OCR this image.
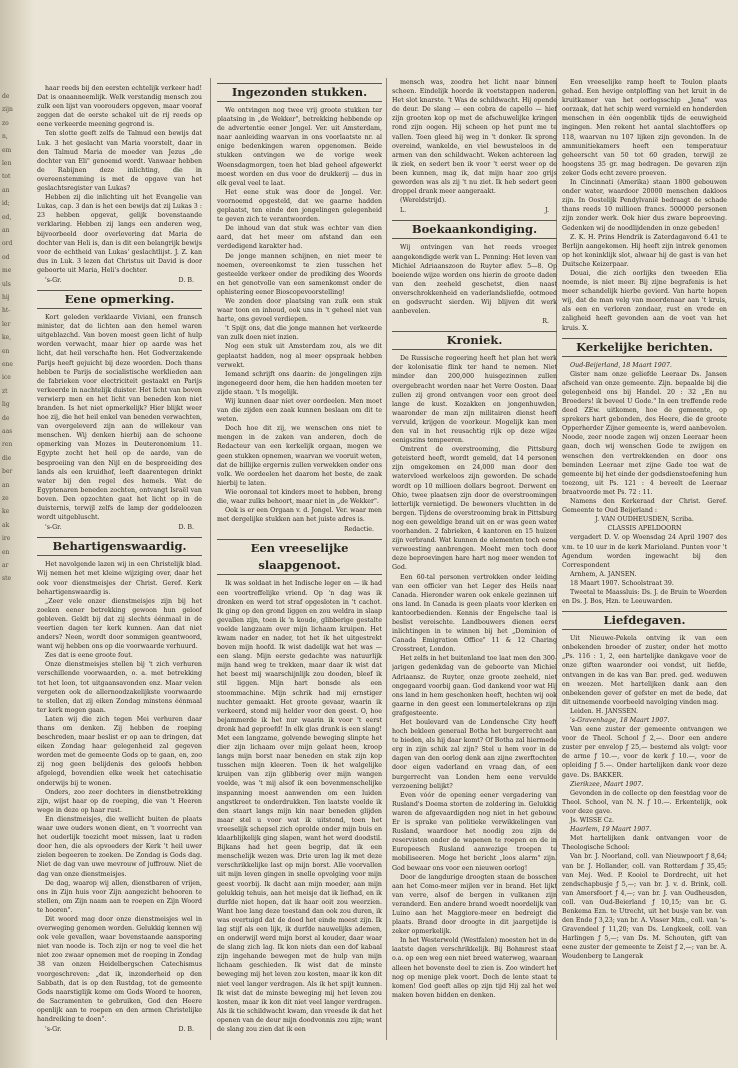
de
zijn
zo
n,
em
len
tot
an
id;
ed,
an
ord
od
me
uls
hij
ht-
ler
ke,
en
ene
ice
zt
lig
de
aas
ren
die
ber
an
ze
ke
ak
ire
en
ar
ste

haar reeds bij den eersten echtelijk verkeer had! Dat is onaanneemlijk. Welk verstandig mensch zou zulk een lijst van voorouders opgeven, maar vooraf zeggen dat de eerste schakel uit de rij reeds op eene verkeerde meening gegrond is.

Ten slotte geeft zelfs de Talmud een bewijs dat Luk. 3 het geslacht van Maria voorstelt, daar in den Talmud Maria de moeder van Jezus „de dochter van Eli" genoemd wordt. Vanwaar hebben de Rabijnen deze inlichting, die in overeenstemming is met de opgave van het geslachtsregister van Lukas?

Hebben zij die inlichting uit het Evangelie van Lukas, cap. 3 dan is het een bewijs dat zij Lukas 3 : 23 hebben opgevat, gelijk bovenstaande verklaring. Hebben zij langs een anderen weg, bijvoorbeeld door overlevering dat Maria de dochter van Heli is, dan is dit een belangrijk bewijs voor de echtheid van Lukas' geslachtlijst. J. Z. kan dus in Luk. 3 lezen dat Christus uit David is door geboorte uit Maria, Heli's dochter.

's-Gr.	D. B.
Eene opmerking.

Kort geleden verklaarde Viviani, een fransch minister, dat de lichten aan den hemel waren uitgeblazchd. Van boven moest geen licht of hulp worden verwacht, maar hier op aarde was het licht, dat heil verschafte hen. Het Godverzakende Parijs heeft gejuicht bij deze woorden. Doch thans hebben te Parijs de socialistische werklieden aan de fabrieken voor electriciteit gestaakt en Parijs verkeerde in nachtelijk duister. Het licht van boven verwierp men en het licht van beneden kon niet branden. Is het niet opmerkelijk? Hier blijkt weer hoe zij, die het heil enkel van beneden verwachten, van overgeleverd zijn aan de willekeur van menschen. Wij denken hierbij aan de schoone opmerking van Mozes in Deuteronomium 11. Egypte zocht het heil op de aarde, van de besproeiing van den Nijl en de bespreeiding des lands als een kruidhof, leeft daarentegen drinkt water bij den regel des hemels. Wat de Egyptenaren beneden zochten, ontvangt Israël van boven. Den opzochten gaat het licht op in de duisternis, terwijl zelfs de lamp der goddeloozen wordt uitgebluscht.

's-Gr.	D. B.
Behartigenswaardig.

Het navolgende lazen wij in een Christelijk blad. Wij nemen het met kleine wijziging over, daar het ook voor dienstmeisjes der Christ. Geref. Kerk behartigenswaardig is.

„Zeer vele onzer dienstmeisjes zijn bij het zoeken eener betrekking gewoon hun geloof gebleven. Geldt bij dat zij slechts éénmaal in de veertien dagen ter kerk kunnen. Aan dat niet anders? Neen, wordt door sommigen geantwoord, want wij hebben ons op die voorwaarde verhuurd.

Zes dat is eene groote fout.

Onze dienstmeisjes stellen bij 't zich verhuren verschillende voorwaarden, o. a. met betrekking tot het loon, tot uitgaansavonden enz. Maar velen vergeten ook de allernoodzakelijkste voorwaarde te stellen, dat zij eiken Zondag minstens éénmaal ter kerk mogen gaan.

Laten wij die zich tegen Mei verhuren daar thans om denken. Zij hebben de roeping beschreden, maar beslist er op aan te dringen, dat eiken Zondag haar gelegenheid zal gegeven worden met de gemeente Gods op te gaan, en, zoo zij nog geen belijdenis des geloofs hebben afgelegd, bovendien elke week het catechisatie onderwijs bij te wonen.

Onders, zoo zeer dochters in dienstbetrekking zijn, wijst haar op de roeping, die van 't Heeren wege in deze op haar rust.

En dienstmeisjes, die wellicht buiten de plaats waar uwe ouders wonen dient, en 't voorrecht van het ouderlijk toezicht moet missen, laat u raden door hen, die als opvoeders der Kerk 't heil uwer zielen begeeren te zoeken. De Zondag is Gods dag. Niet de dag van uwe mevrouw of juffrouw. Niet de dag van onze dienstmeisjes.

De dag, waarop wij allen, dienstbaren of vrijen, ons in Zijn huis voor Zijn aangezicht behooren te stellen, om Zijn naam aan te roepen en Zijn Woord te hooren".

Dit woord mag door onze dienstmeisjes wel in overweging genomen worden. Gelukkig kennen wij ook vele gevallen, waar bovenstaande aansporing niet van noode is. Toch zijn er nog te veel die het niet zoo zwaar opnemen met de roeping in Zondag 38 van onzen Heidelbergschen Catechismus voorgeschreven: „dat ik, inzonderheid op den Sabbath, dat is op den Rustdag, tot de gemeente Gods naarstiglijk kome om Gods Woord te hooren, de Sacramenten te gebruiken, God den Heere openlijk aan te roepen en den armen Christelijke handreiking te doen".

's-Gr.	D. B.
Ingezonden stukken.

We ontvingen nog twee vrij groote stukken ter plaatsing in „de Wekker", betrekking hebbende op de advertentie eener Jongel. Ver. uit Amsterdam, naar aanleiding waarvan in ons voorlaatste nr. al enige bedenkingen waren opgenomen. Beide stukken ontvingen we de vorige week Woensdagmorgen, toen het blad geheel afgewerkt moest worden en dus voor de drukkerij — dus in elk geval veel te laat.

Het eene stuk was door de Jongel. Ver. voornoemd opgesteld, dat we gaarne hadden geplaatst, ten einde den jongelingen gelegenheid te geven zich te verantwoorden.

De inhoud van dat stuk was echter van dien aard, dat het meer om afstand dan een verdedigend karakter had.

De jonge mannen schijnen, en niet meer te noemen, overeenkomst te zien tusschen het gesteelde verkeer onder de prediking des Woords en het genotvolle van een samenkomst onder de ophistering eener Bioscopevoorstelling!

We zonden door plaatsing van zulk een stuk waar toon en inhoud, ook uns in 't geheel niet van harte, ons gevoel verdiepen.

't Spijt ons, dat die jonge mannen het verkeerde van zulk doen niet inzien.

Nog een stuk uit Amsterdam zou, als we dit geplaatst hadden, nog al meer opspraak hebben verwekt.

Iemand schrijft ons daarin: de jongelingen zijn ingenegeerd door hem, die hen hadden moeten ter zijde staan. 't Is mogelijk.

Wij kunnen daar niet over oordeelen. Men moet van die zijden een zaak kunnen beslaan om dit te weten.

Doch hoe dit zij, we wenschen ons niet te mengen in de zaken van anderen, doch de Redacteur van een kerkelijk orgaan, mogen we geen stukken opnemen, waarvan we vooruit weten, dat de billijke ergernis zullen verwekken onder ons volk. We oordeelen het daarom het beste, de zaak hierbij te laten.

Wie ooronaal tot kinders moet te hebben, breng die, waar zulks behoort, maar niet in „de Wekker".

Ook is er een Orgaan v. d. Jongel. Ver. waar men met dergelijke stukken aan het juiste adres is.

Redactie.
Een vreeselijke slaapgenoot.

Ik was soldaat in het Indische leger en — ik had een voortreffelijke vriend. Op 'n dag was ik dronken en werd tot straf opgesloten in 't cachot. Ik ging op den grond liggen en zou weldra in slaap gevallen zijn, toen ik 'n koude, glibberige gestalte voelde langzaam over mijn lichaam kruipen. Het kwam nader en nader, tot het ik het uitgestrekt boven mijn hoofd. Ik wist dadelijk wat het was — een slang. Mijn eerste gedachte was natuurlijk mijn hand weg te trekken, maar daar ik wist dat het beest mij waarschijnlijk zou dooden, bleef ik stil liggen. Mijn hart bonsde als een stoommachine. Mijn schrik had mij ernstiger nuchter gemaakt. Het groote gevaar, waarin ik verkeerd, stond mij helder voor den geest. O, hoe bejammerde ik het nur waarin ik voor 't eerst dronk had geproefd! In elk glas drank is een slang! Met een langzame, golvende beweging slinpte het dier zijn lichaam over mijn gelaat heen, kroop langs mijn borst naar beneden en stak zijn kop tusschen mijn kleeren. Toen ik het walgelijke kruipen van zijn glibberig over mijn wangen voelde, was 't mij alsof ik een bovenmenschelijke inspanning moest aanwenden om een luiden angstkreet te onderdrukken. Ten laatste voelde ik den staart langs mijn kin naar beneden glijden maar stel u voor wat ik uitstond, toen het vreeselijk schepsel zich oprolde onder mijn buis en klaarblijkelijk ging slapen, want het werd doodstil. Bijkans had het geen begrip, dat ik een menschelijk wezen was. Drie uren lag ik met deze verschrikkelijke last op mijn borst. Alle voorvallen uit mijn leven gingen in snelle opvolging voor mijn geest voorbij. Ik dacht aan mijn moeder, aan mijn gelukkig tehuis, aan het meisje dat ik liefhad, en ik durfde niet hopen, dat ik haar ooit zou weerzien. Want hoe lang deze toestand dan ook zou duren, ik was overtuigd dat de dood het einde moest zijn. Ik lag stijf als een lijk, ik durfde nauwelijks ademen, en onderwijl werd mijn borst al kouder, daar waar de slang zich lag. Ik kon niets dan een dof kabaal zijn ingehande bewegen met de hulp van mijn lichaam geschieden. Ik wist dat de minste beweging mij het leven zou kosten, maar ik kon dit niet veel langer verdragen. Als ik het spijt kunnen. Ik wist dat de minste beweging mij het leven zou kosten, maar ik kon dit niet veel langer verdragen. Als ik tie schildwacht kwam, dan vreesde ik dat het openen van de deur mijn doodvonnis zou zijn; want de slang zou zien dat ik een

mensch was, zoodra het licht naar binnen scheen. Eindelijk hoorde ik voetstappen naderen. Het slot knarste. 't Was de schildwacht. Hij opende de deur. De slang — een cobra de capello — hief zijn grooten kop op met de afschuwelijke kringen rond zijn oogen. Hij scheen op het punt me te vallen. Toen gleed hij weg in 't donker. Ik sprong overeind, wankelde, en viel bewusteloos in de armen van den schildwacht. Weken achtereen lag ik ziek, en sedert ben ik voor 't eerst weer op de been kunnen, mag ik, dat mijn haar zoo grijs geworden was als zij 't nu ziet. Ik heb sedert geen droppel drank meer aangeraakt.

(Wereldstrijd).

L.	J.
Boekaankondiging.

Wij ontvingen van het reeds vroeger aangekondigde werk van L. Penning: Het leven van Michiel Adriaanszoon de Ruyter aflev. 5—8. Op boeiende wijze worden ons hierin de groote daden van den zeeheld geschetst, dien naast onverschrokkenheid en vaderlandsliefde, ootmoed en godsvrucht sierden. Wij blijven dit werk aanbevelen.

R.
Kroniek.

De Russische regeering heeft het plan het werk der kolonisatie flink ter hand te nemen. Niet minder dan 200,000 huisgezinnen zullen overgebracht worden naar het Verre Oosten. Daar zullen zij grond ontvangen voor een groot deel lange de kust. Kozakken en jongenhuwden, waaronder de man zijn militairen dienst heeft vervuld, krijgen de voorkeur. Mogelijk kan men den val in het reusachtig rijk op deze wijze eenigszins tempeeren.

Omtrent de overstrooming, die Pittsburg geteisterd heeft, wordt gemeld, dat 14 personen zijn omgekomen en 24,000 man door den watervloed werkeloos zijn geworden. De schade wordt op 10 millioen dollars begroot. Derwent en Ohio, twee plaatsen zijn door de overstroomingen letterlijk vernietigd. De bewoners vluchtten in de bergen. Tijdens de overstrooming brak in Pittsburg nog een geweldige brand uit en er was geen water voorhanden. 2 fabrieken, 4 kantoren en 15 huizen zijn verbrand. Wat kunnen de elementen toch eene verwoesting aanbrengen. Moeht men toch door deze beproevingen hare hart nog meer wenden tot God.

Een 60-tal personen vertrokken onder leiding van een officier van het Leger des Heils naar Canada. Hieronder waren ook enkele gezinnen uit ons land. In Canada is geen plaats voor klerken en kantoorbedienden. Kennis der Engelsche taal is beslist vereischte. Landbouwers dienen eerst inlichtingen in te winnen bij het „Dominion of Canada Emigration Office" 11 & 12 Charing Crosstreet, London.

Het zelfs in het buitenland toe laat men den 300-jarigen gedenkdag van de geboorte van Michiel Adriaansz. de Ruyter, onze groote zeeheld, niet ongegaard voorbij gaan. God dankend voor wat Hij ons land in hem geschonken heeft, hechten wij ook gaarne in den geest een lommertelekrans op zijn grafgesteente.

Het boulevard van de Londensche City heeft hoch bekleen generaal Botha het burgerrecht aan te bieden, als hij daar komt? Of Botha zal hiermede erg in zijn schik zal zijn? Stel u hem voor in de dagen van den oorlog denk aan zijne zwerftochten door eigen vaderland en vraag dan, of een burgerrecht van Londen hem eene vervulde verzoening belijkt?

Even vóór de opening eener vergadering van Rusland's Doema storten de zoldering in. Gelukkig waren de afgevaardigden nog niet in het gebouw. Er is sprake van politieke verwikkelingen van Rusland, waardoor het noodig zou zijn de reservisten onder de wapenen te roepen en de in Europeesch Rusland aanwezige troepen te mobiliseeren. Moge het bericht „loos alarm" zijn. God bewaar ons voor een nieuwen oorlog!

Door de langdurige droogten staan de bosschen aan het Como-meer mijlen ver in brand. Het lijkt van verre, alsof de bergen in vulkanen zijn veranderd. Een andere brand woedt noordelijk van Luino aan het Maggiore-meer en bedreigt die plaats. Brand door droogte in dit jaargetijde is zeker opmerkelijk.

In het Westerwold (Westfalen) moesten het in de laatste dagen verschrikkelijk. Bij Bohmrest staat o.a. op een weg een niet breed waterweg, waaraan alleen het bovenste deel te zien is. Zoo windert het nog op menige plek voort. Doch de lente staat te komen! God geeft alles op zijn tijd Hij zal het wel maken boven bidden en denken.

Een vreeselijke ramp heeft te Toulon plaats gehad. Een hevige ontploffing van het kruit in de kruitkamer van het oorlogsschip „Jena" was oorzaak, dat het schip werd vernield en honderden menschen in één oogenblik tijds de eeuwigheid ingingen. Men rekent het aantal slachtoffers op 118, waarvan nu 107 lijken zijn gevonden. In de ammunitiekamers heeft een temperatuur geheerscht van 50 tot 60 graden, terwijl ze hoogstens 35 gr. mag bedragen. De gevaren zijn zeker Gods echt zevere proeven.

In Cincinnati (Amerika) staan 1800 gebouwen onder water, waardoor 20000 menschen dakloos zijn. In Oostelijk Pendylvanië bedraagt de schade thans reeds 10 millioen francs. 500000 personen zijn zonder werk. Ook hier dus zware beproeving. Gedenken wij de noodlijdenden in onze gebeden!

Z. K. H. Prins Hendrik is Zaterdagavond 6.41 te Berlijn aangekomen. Hij heeft zijn intrek genomen op het koninklijk slot, alwaar hij de gast is van het Duitsche Keizerpaar.

Douai, die zich oorlijks den tweeden Elia noemde, is niet meer. Bij zijne begrafenis is het meer schandelijk hierbe gevierd. Van harte hopen wij, dat de man velg van moordenaar aan 't kruis, als een en verloren zondaar, rust en vrede en zaligheid heeft gevonden aan de voet van het kruis. X.

Kerkelijke berichten.

Oud-Beijerland, 18 Maart 1907.

Gister nam onze geliefde Leeraar Ds. Jansen afscheid van onze gemeente. Zijn. bepaalde bij die gelegenheid ons bij Handel. 20 : 32 „En nu Broeders! ik beveel U Gode." In een treffende rede deed ZEw. uitkomen, hoe de gemeente, op sprekers hart gebonden, des Heere, die de groote Opperherder Zijner gemeente is, werd aanbevolen. Noode, zeer noode zagen wij onzen Leeraar heen gaan, doch wij wenschen Gode te zwijgen en wenschen den vertrekkenden en door ons beminden Leeraar met zijne Gade toe wat de gemeente bij het einde der godsdienstoefening hun toezong, uit Ps. 121 : 4 beveelt de Leeraar braatvoorde met Ps. 72 : 11.

Namens den Kerkeraad der Christ. Geref. Gemeente te Oud Beijerland :

J. VAN OUDHEUSDEN, Scriba.

CLASSIS APELDOORN

vergadert D. V. op Woensdag 24 April 1907 des v.m. te 10 uur in de kerk Marioland. Punten voor 't Agendum worden ingewacht bij den Correspondent

Arnhem, A. JANSEN.

18 Maart 1907. Schoolstraat 39.

Tweetal te Maassluis: Ds. J. de Bruin te Woerden en Ds. J. Bos, Hzn. te Leeuwarden.

Liefdegaven.

Uit Nieuwe-Pekela ontving ik van een onbekenden broeder of zuster, onder het motto „Ps. 116 : 1, 2, een hartelijke dankgave voor de onze giften waaronder ooi vondst, uit liefde, ontvangen in de kas van Bar. pred. ged. weduwen en weezen. Met hartelijken dank aan den onbekenden gever of gefster en met de bede, dat dit uitnemende voorbeeld navolging vinden mag.

Leiden. H. JANSSEN.

's-Gravenhage, 18 Maart 1907.

Van eene zuster der gemeente ontvangen we voor de Theol. School ƒ 2,—. Door een andere zuster per envelop ƒ 25,— bestemd als volgt: voor de arme ƒ 10.—, voor de kerk ƒ 10.—, voor de opleiding ƒ 5.—. Onder hartelijken dank voor deze gave. Ds. BAKKER.

Zierikzee, Maart 1907.

Gevonden in de collecte op den feestdag voor de Theol. School, van N. N. ƒ 10.—. Erkentelijk, ook voor deze gave.

Js. WISSE Cz.

Haarlem, 19 Maart 1907.

Met hartelijken dank ontvangen voor de Theologische School:

Van br. J. Noorland, coll. van Nieuwpoort ƒ 8,64; van br. J. Hollander, coll. van Rotterdam ƒ 35,45; van Mej. Wed. P. Kooiol te Dordrecht, uit het zendschapbusje ƒ 5,—; van br. J. v. d. Brink, coll. van Amersfoort ƒ 4,—; van br. J. van Oudheusden, coll. van Oud-Beierland ƒ 10,15; van br. G. Benkema Ezn. te Utrecht, uit het busje van br. van den Ende ƒ 3,23; van br. A. Visser Mzn., coll. van 's-Gravendeel ƒ 11,20; van Ds. Lengkeek, coll. van Harlingen ƒ 5,—; van Ds. M. Schouten, gift van eene zuster der gemeente te Zeist ƒ 2,—; van br. A. Woudenberg te Langerak
